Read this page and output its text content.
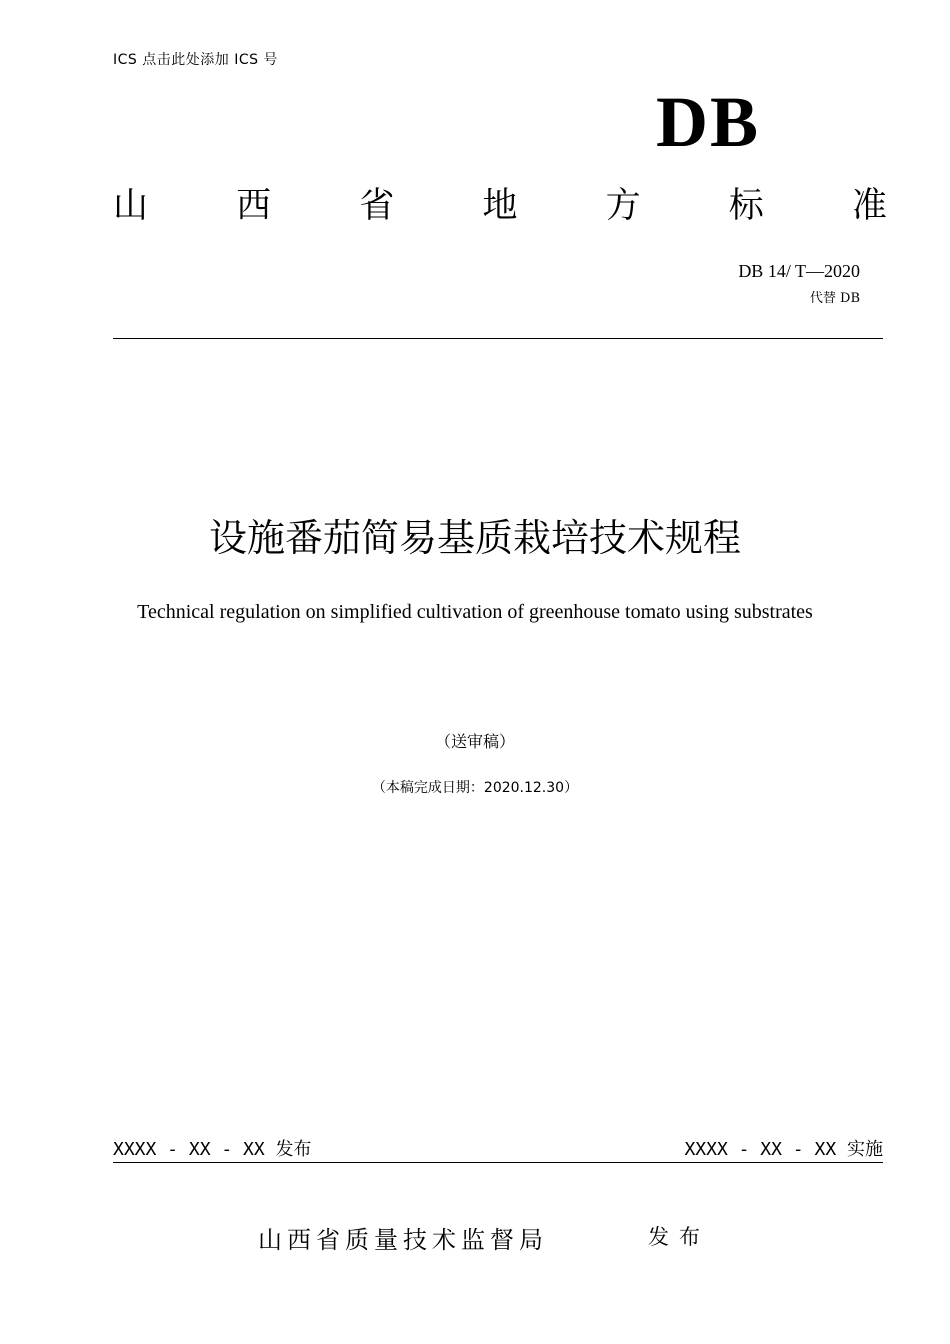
ICS 点击此处添加 ICS 号
DB
山	西	省	地	方	标	准
DB 14/ T—2020
代替 DB
设施番茄简易基质栽培技术规程
Technical regulation on simplified cultivation of greenhouse tomato using substrates
（送审稿）
（本稿完成日期：2020.12.30）
XXXX - XX - XX 发布	XXXX - XX - XX 实施
山西省质量技术监督局	发布
